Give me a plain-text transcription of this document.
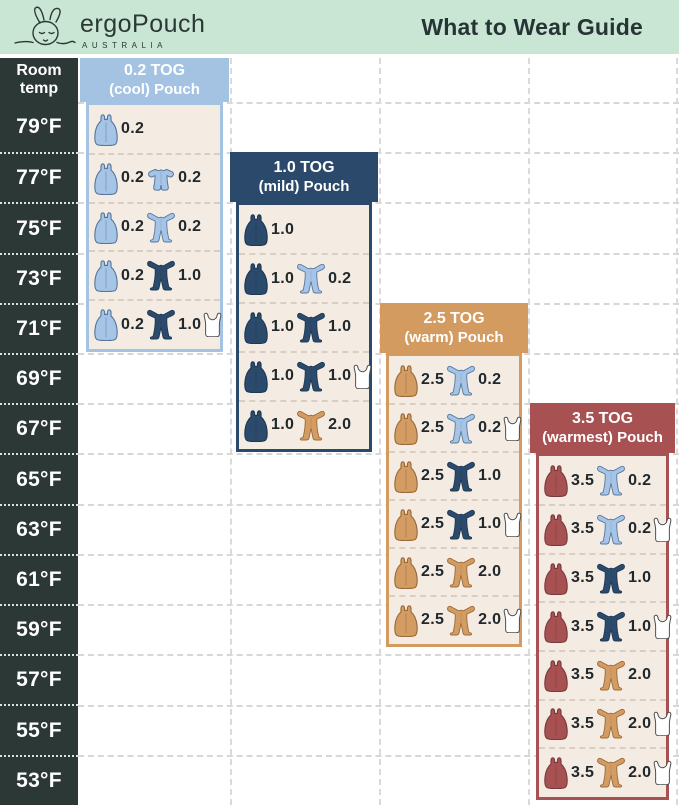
ergoPouch
AUSTRALIA
What to Wear Guide
Room temp
79°F
77°F
75°F
73°F
71°F
69°F
67°F
65°F
63°F
61°F
59°F
57°F
55°F
53°F
0.2 TOG
(cool) Pouch
0.2
0.2 0.2
0.2 0.2
0.2 1.0
0.2 1.0
1.0 TOG
(mild) Pouch
1.0
1.0 0.2
1.0 1.0
1.0 1.0
1.0 2.0
2.5 TOG
(warm) Pouch
2.5 0.2
2.5 0.2
2.5 1.0
2.5 1.0
2.5 2.0
2.5 2.0
3.5 TOG
(warmest) Pouch
3.5 0.2
3.5 0.2
3.5 1.0
3.5 1.0
3.5 2.0
3.5 2.0
3.5 2.0
